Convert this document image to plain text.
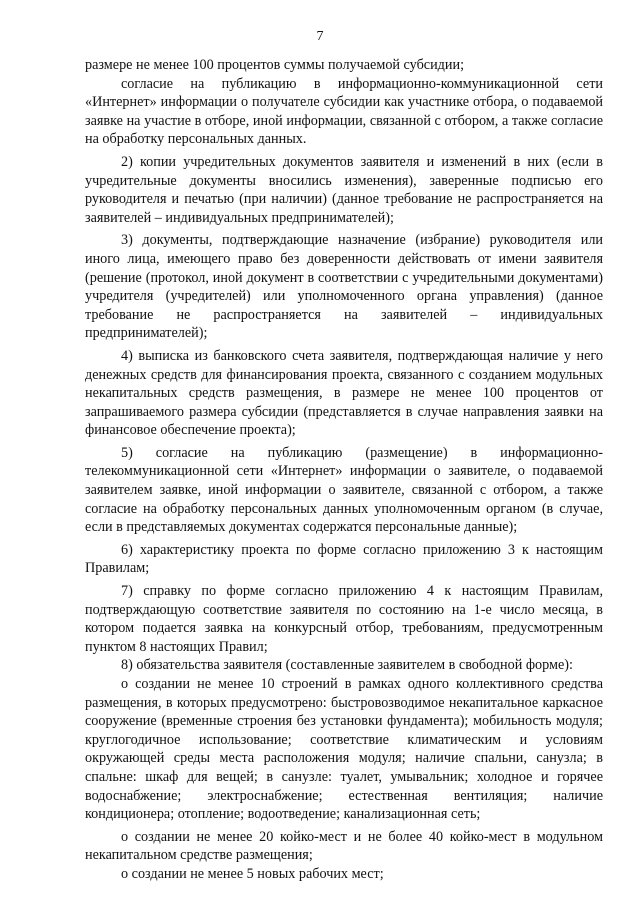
7

размере не менее 100 процентов суммы получаемой субсидии;

согласие на публикацию в информационно-коммуникационной сети «Интернет» информации о получателе субсидии как участнике отбора, о подаваемой заявке на участие в отборе, иной информации, связанной с отбором, а также согласие на обработку персональных данных.

2) копии учредительных документов заявителя и изменений в них (если в учредительные документы вносились изменения), заверенные подписью его руководителя и печатью (при наличии) (данное требование не распространяется на заявителей – индивидуальных предпринимателей);

3) документы, подтверждающие назначение (избрание) руководителя или иного лица, имеющего право без доверенности действовать от имени заявителя (решение (протокол, иной документ в соответствии с учредительными документами) учредителя (учредителей) или уполномоченного органа управления) (данное требование не распространяется на заявителей – индивидуальных предпринимателей);

4) выписка из банковского счета заявителя, подтверждающая наличие у него денежных средств для финансирования проекта, связанного с созданием модульных некапитальных средств размещения, в размере не менее 100 процентов от запрашиваемого размера субсидии (представляется в случае направления заявки на финансовое обеспечение проекта);

5) согласие на публикацию (размещение) в информационно-телекоммуникационной сети «Интернет» информации о заявителе, о подаваемой заявителем заявке, иной информации о заявителе, связанной с отбором, а также согласие на обработку персональных данных уполномоченным органом (в случае, если в представляемых документах содержатся персональные данные);

6) характеристику проекта по форме согласно приложению 3 к настоящим Правилам;

7) справку по форме согласно приложению 4 к настоящим Правилам, подтверждающую соответствие заявителя по состоянию на 1-е число месяца, в котором подается заявка на конкурсный отбор, требованиям, предусмотренным пунктом 8 настоящих Правил;

8) обязательства заявителя (составленные заявителем в свободной форме):

о создании не менее 10 строений в рамках одного коллективного средства размещения, в которых предусмотрено: быстровозводимое некапитальное каркасное сооружение (временные строения без установки фундамента); мобильность модуля; круглогодичное использование; соответствие климатическим и условиям окружающей среды места расположения модуля; наличие спальни, санузла; в спальне: шкаф для вещей; в санузле: туалет, умывальник; холодное и горячее водоснабжение; электроснабжение; естественная вентиляция; наличие кондиционера; отопление; водоотведение; канализационная сеть;

о создании не менее 20 койко-мест и не более 40 койко-мест в модульном некапитальном средстве размещения;

о создании не менее 5 новых рабочих мест;
